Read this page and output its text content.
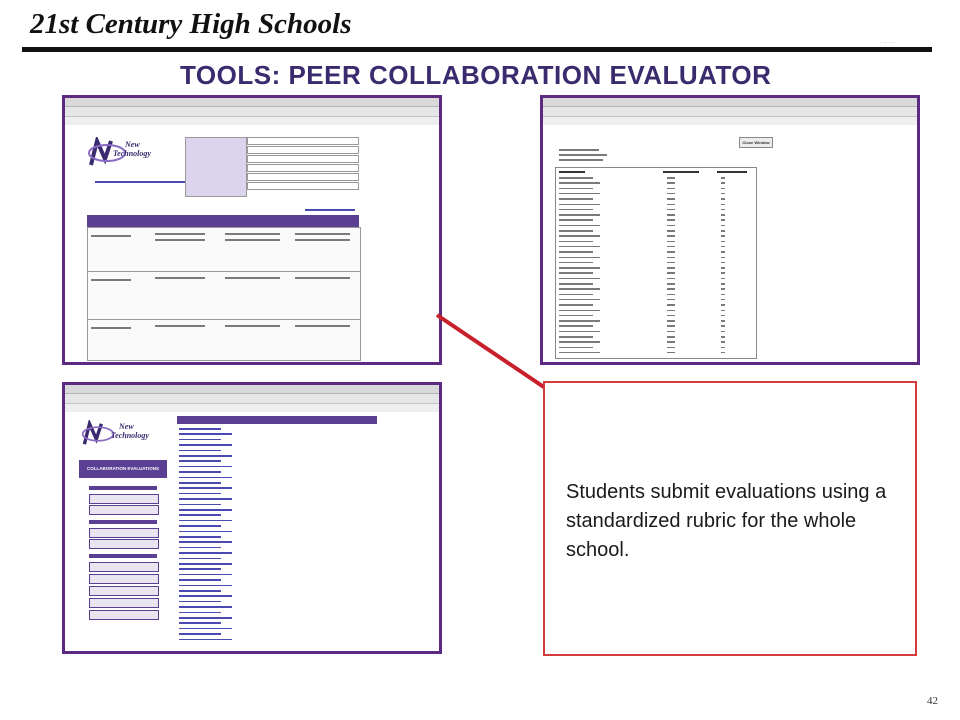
21st Century High Schools
· ·· ···
TOOLS: PEER COLLABORATION EVALUATOR
New
Technology
Close Window
New
Technology
COLLABORATION EVALUATIONS
Students submit evaluations using a standardized rubric for the whole school.
42
